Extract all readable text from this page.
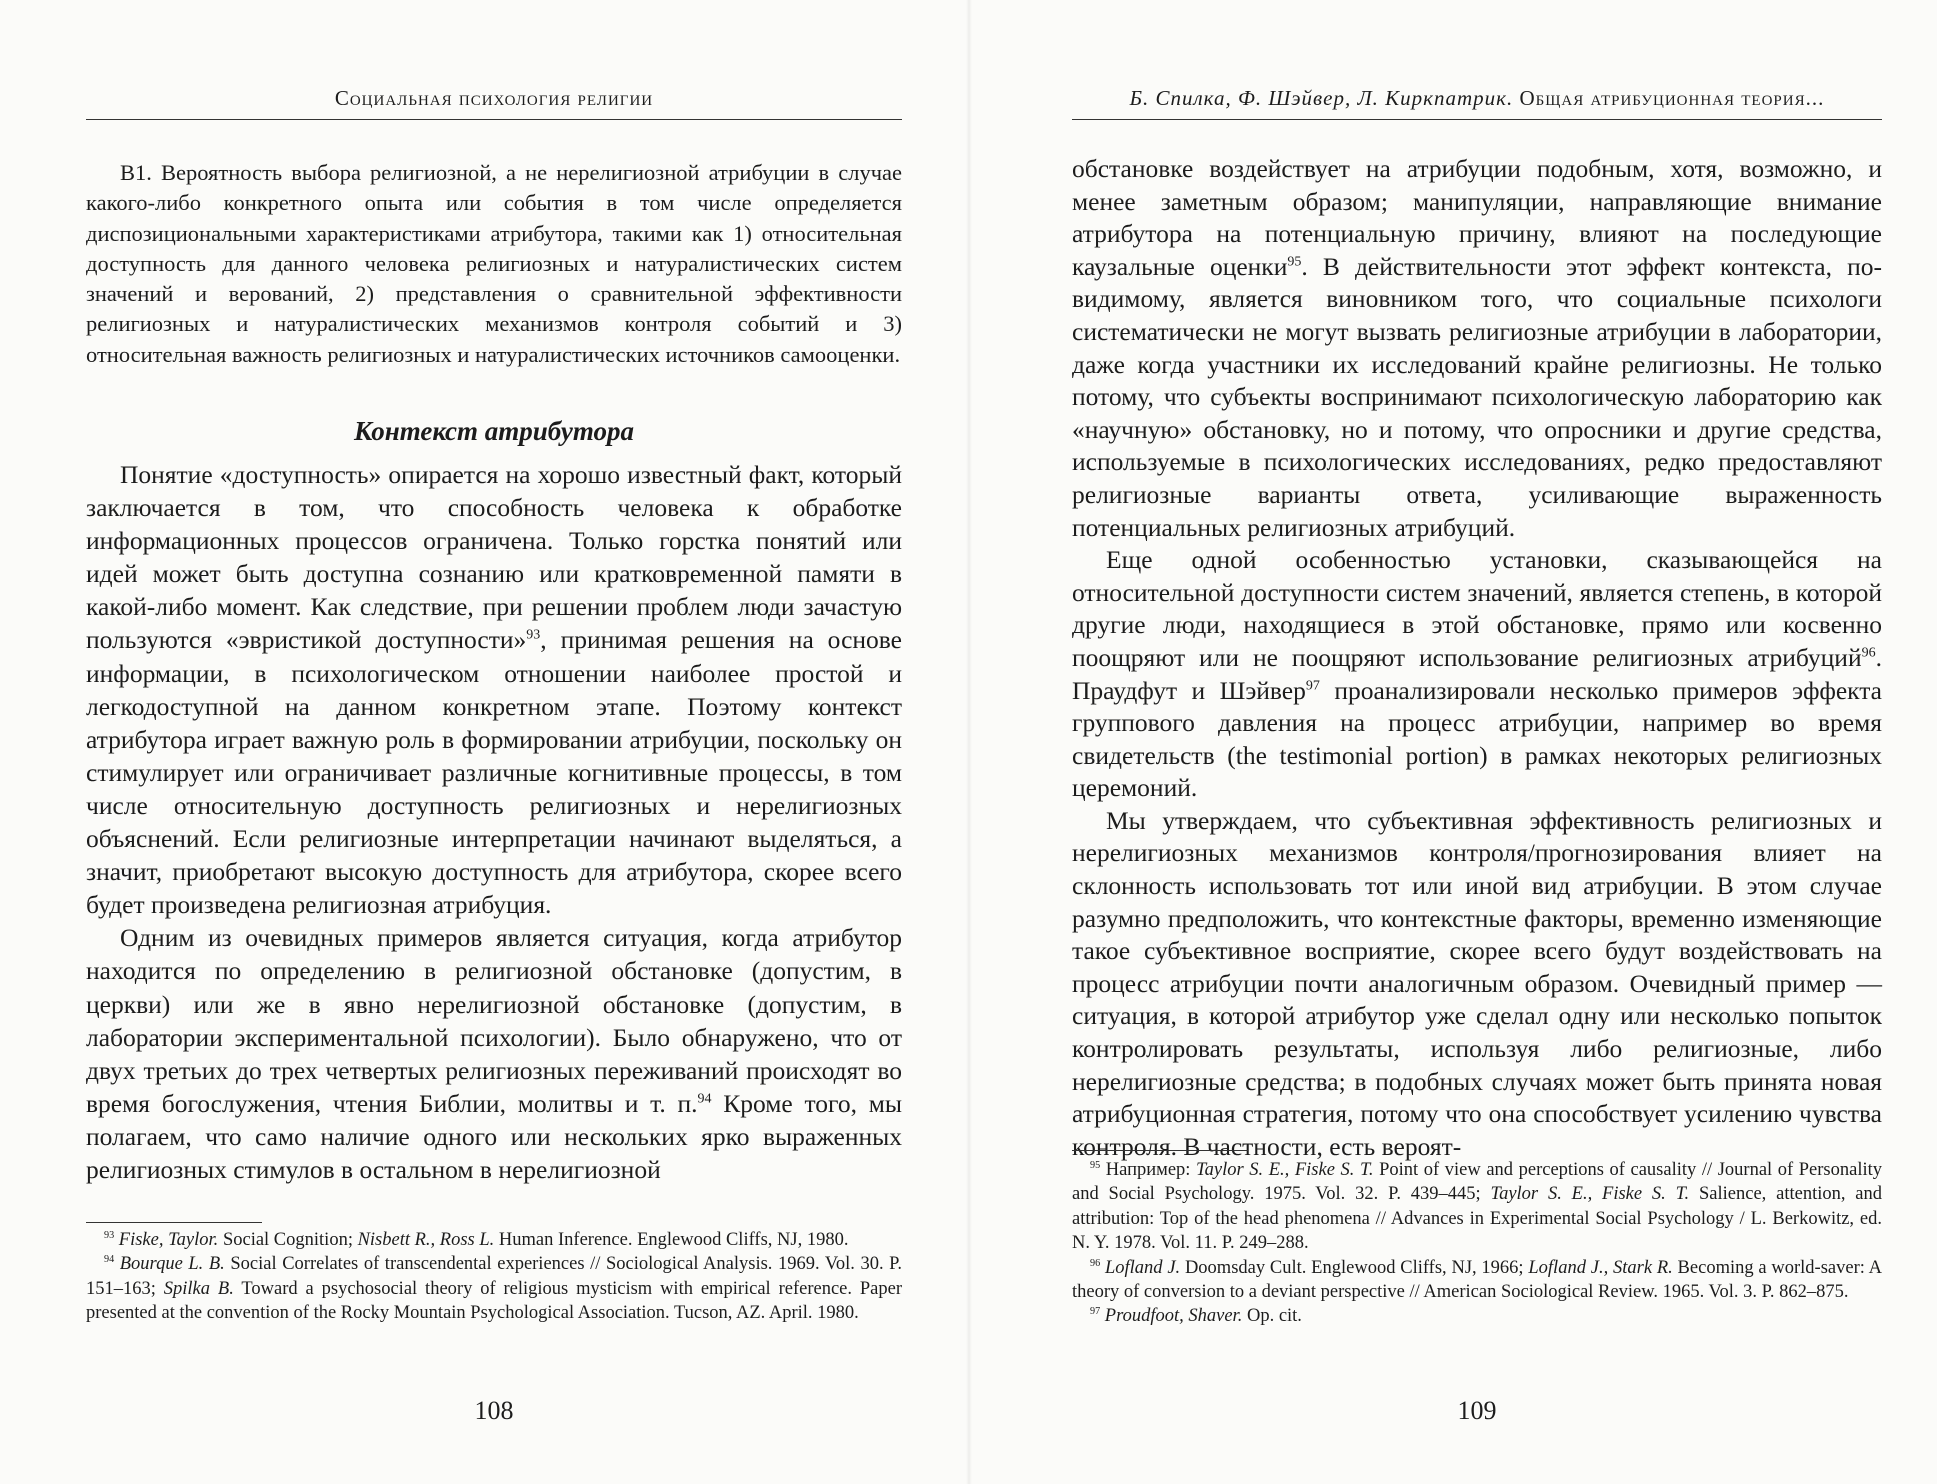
Социальная психология религии

В1. Вероятность выбора религиозной, а не нерелигиозной атрибуции в случае какого-либо конкретного опыта или события в том числе определяется диспозициональными характеристиками атрибутора, такими как 1) относительная доступность для данного человека религиозных и натуралистических систем значений и верований, 2) представления о сравнительной эффективности религиозных и натуралистических механизмов контроля событий и 3) относительная важность религиозных и натуралистических источников самооценки.

Контекст атрибутора

Понятие «доступность» опирается на хорошо известный факт, который заключается в том, что способность человека к обработке информационных процессов ограничена. Только горстка понятий или идей может быть доступна сознанию или кратковременной памяти в какой-либо момент. Как следствие, при решении проблем люди зачастую пользуются «эвристикой доступности»$^{93}$, принимая решения на основе информации, в психологическом отношении наиболее простой и легкодоступной на данном конкретном этапе. Поэтому контекст атрибутора играет важную роль в формировании атрибуции, поскольку он стимулирует или ограничивает различные когнитивные процессы, в том числе относительную доступность религиозных и нерелигиозных объяснений. Если религиозные интерпретации начинают выделяться, а значит, приобретают высокую доступность для атрибутора, скорее всего будет произведена религиозная атрибуция.

Одним из очевидных примеров является ситуация, когда атрибутор находится по определению в религиозной обстановке (допустим, в церкви) или же в явно нерелигиозной обстановке (допустим, в лаборатории экспериментальной психологии). Было обнаружено, что от двух третьих до трех четвертых религиозных переживаний происходят во время богослужения, чтения Библии, молитвы и т. п.$^{94}$ Кроме того, мы полагаем, что само наличие одного или нескольких ярко выраженных религиозных стимулов в остальном в нерелигиозной

$^{93}$ Fiske, Taylor. Social Cognition; Nisbett R., Ross L. Human Inference. Englewood Cliffs, NJ, 1980.

$^{94}$ Bourque L. B. Social Correlates of transcendental experiences // Sociological Analysis. 1969. Vol. 30. P. 151–163; Spilka B. Toward a psychosocial theory of religious mysticism with empirical reference. Paper presented at the convention of the Rocky Mountain Psychological Association. Tucson, AZ. April. 1980.

108
Б. Спилка, Ф. Шэйвер, Л. Киркпатрик. Общая атрибуционная теория...

обстановке воздействует на атрибуции подобным, хотя, возможно, и менее заметным образом; манипуляции, направляющие внимание атрибутора на потенциальную причину, влияют на последующие каузальные оценки$^{95}$. В действительности этот эффект контекста, по-видимому, является виновником того, что социальные психологи систематически не могут вызвать религиозные атрибуции в лаборатории, даже когда участники их исследований крайне религиозны. Не только потому, что субъекты воспринимают психологическую лабораторию как «научную» обстановку, но и потому, что опросники и другие средства, используемые в психологических исследованиях, редко предоставляют религиозные варианты ответа, усиливающие выраженность потенциальных религиозных атрибуций.

Еще одной особенностью установки, сказывающейся на относительной доступности систем значений, является степень, в которой другие люди, находящиеся в этой обстановке, прямо или косвенно поощряют или не поощряют использование религиозных атрибуций$^{96}$. Праудфут и Шэйвер$^{97}$ проанализировали несколько примеров эффекта группового давления на процесс атрибуции, например во время свидетельств (the testimonial portion) в рамках некоторых религиозных церемоний.

Мы утверждаем, что субъективная эффективность религиозных и нерелигиозных механизмов контроля/прогнозирования влияет на склонность использовать тот или иной вид атрибуции. В этом случае разумно предположить, что контекстные факторы, временно изменяющие такое субъективное восприятие, скорее всего будут воздействовать на процесс атрибуции почти аналогичным образом. Очевидный пример — ситуация, в которой атрибутор уже сделал одну или несколько попыток контролировать результаты, используя либо религиозные, либо нерелигиозные средства; в подобных случаях может быть принята новая атрибуционная стратегия, потому что она способствует усилению чувства контроля. В частности, есть вероят-

$^{95}$ Например: Taylor S. E., Fiske S. T. Point of view and perceptions of causality // Journal of Personality and Social Psychology. 1975. Vol. 32. P. 439–445; Taylor S. E., Fiske S. T. Salience, attention, and attribution: Top of the head phenomena // Advances in Experimental Social Psychology / L. Berkowitz, ed. N. Y. 1978. Vol. 11. P. 249–288.

$^{96}$ Lofland J. Doomsday Cult. Englewood Cliffs, NJ, 1966; Lofland J., Stark R. Becoming a world-saver: A theory of conversion to a deviant perspective // American Sociological Review. 1965. Vol. 3. P. 862–875.

$^{97}$ Proudfoot, Shaver. Op. cit.

109
